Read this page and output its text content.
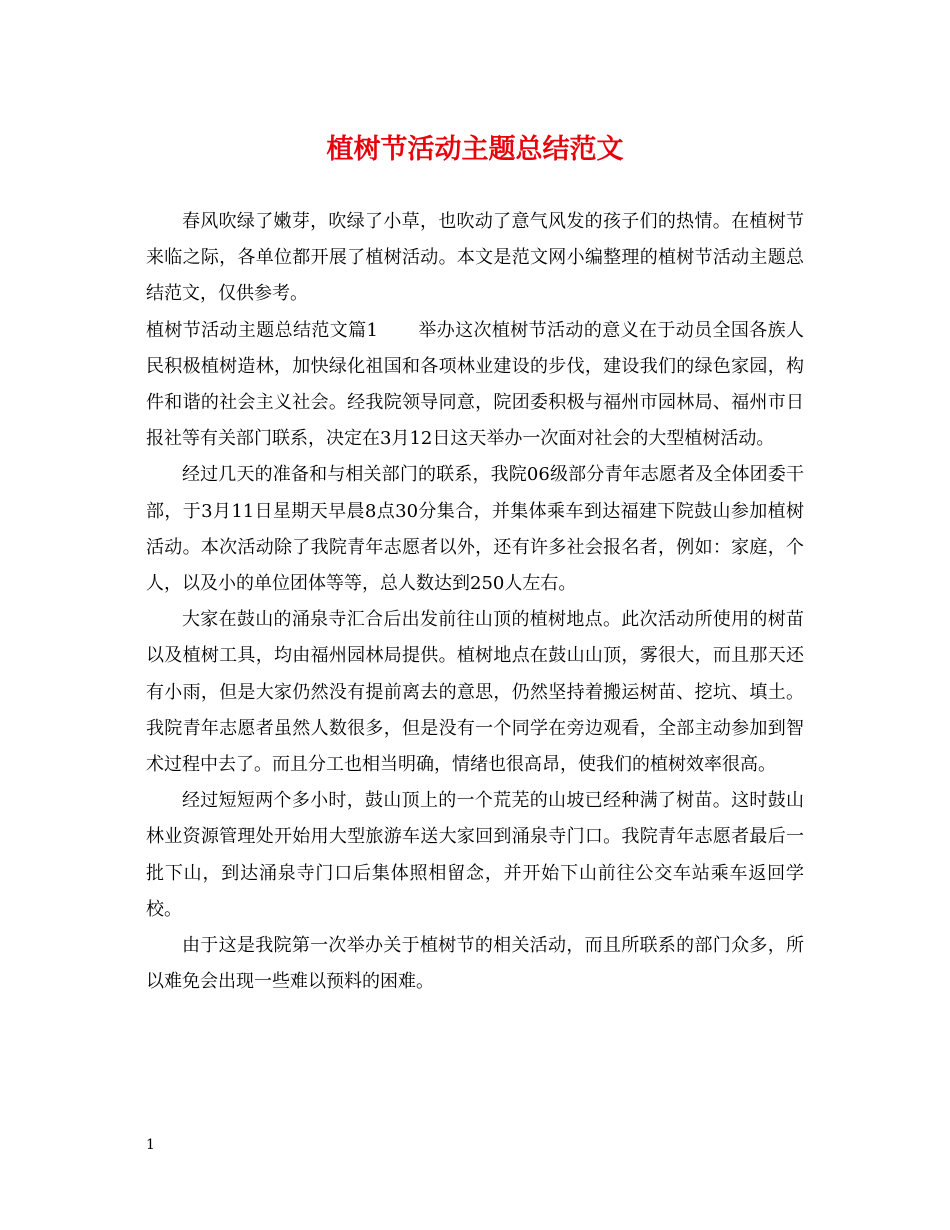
植树节活动主题总结范文

春风吹绿了嫩芽，吹绿了小草，也吹动了意气风发的孩子们的热情。在植树节来临之际，各单位都开展了植树活动。本文是范文网小编整理的植树节活动主题总结范文，仅供参考。

植树节活动主题总结范文篇1 举办这次植树节活动的意义在于动员全国各族人民积极植树造林，加快绿化祖国和各项林业建设的步伐，建设我们的绿色家园，构件和谐的社会主义社会。经我院领导同意，院团委积极与福州市园林局、福州市日报社等有关部门联系，决定在3月12日这天举办一次面对社会的大型植树活动。

经过几天的准备和与相关部门的联系，我院06级部分青年志愿者及全体团委干部，于3月11日星期天早晨8点30分集合，并集体乘车到达福建下院鼓山参加植树活动。本次活动除了我院青年志愿者以外，还有许多社会报名者，例如：家庭，个人，以及小的单位团体等等，总人数达到250人左右。

大家在鼓山的涌泉寺汇合后出发前往山顶的植树地点。此次活动所使用的树苗以及植树工具，均由福州园林局提供。植树地点在鼓山山顶，雾很大，而且那天还有小雨，但是大家仍然没有提前离去的意思，仍然坚持着搬运树苗、挖坑、填土。我院青年志愿者虽然人数很多，但是没有一个同学在旁边观看，全部主动参加到智术过程中去了。而且分工也相当明确，情绪也很高昂，使我们的植树效率很高。

经过短短两个多小时，鼓山顶上的一个荒芜的山坡已经种满了树苗。这时鼓山林业资源管理处开始用大型旅游车送大家回到涌泉寺门口。我院青年志愿者最后一批下山，到达涌泉寺门口后集体照相留念，并开始下山前往公交车站乘车返回学校。

由于这是我院第一次举办关于植树节的相关活动，而且所联系的部门众多，所以难免会出现一些难以预料的困难。

1
